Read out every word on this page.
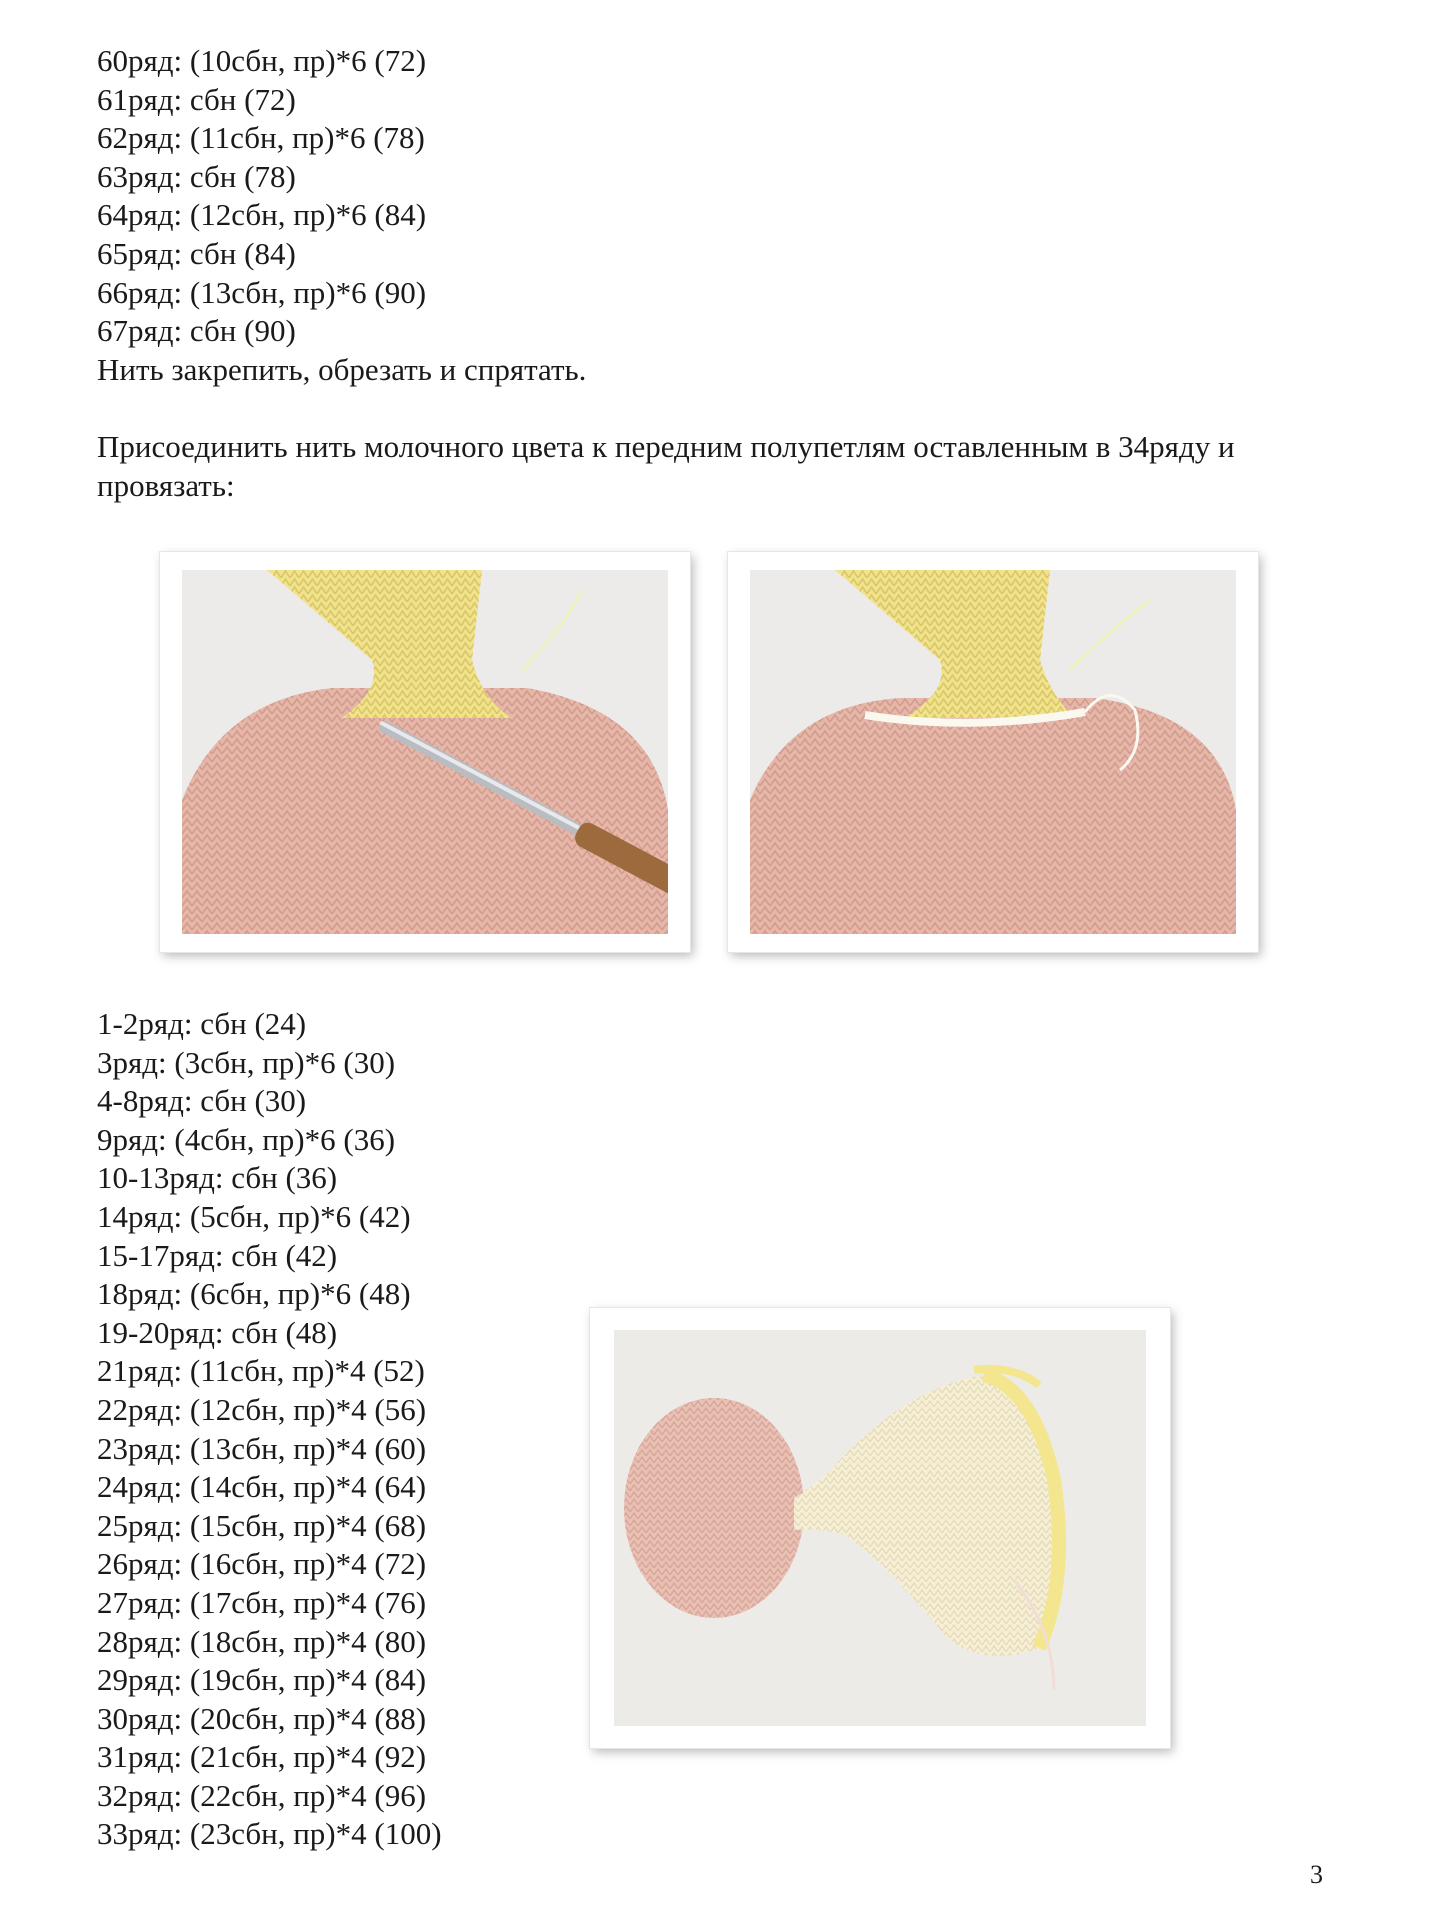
60ряд: (10сбн, пр)*6 (72)
61ряд: сбн (72)
62ряд: (11сбн, пр)*6 (78)
63ряд: сбн (78)
64ряд: (12сбн, пр)*6 (84)
65ряд: сбн (84)
66ряд: (13сбн, пр)*6 (90)
67ряд: сбн (90)
Нить закрепить, обрезать и спрятать.
Присоединить нить молочного цвета к передним полупетлям оставленным в 34ряду и провязать:
1-2ряд: сбн (24)
3ряд: (3сбн, пр)*6 (30)
4-8ряд: сбн (30)
9ряд: (4сбн, пр)*6 (36)
10-13ряд: сбн (36)
14ряд: (5сбн, пр)*6 (42)
15-17ряд: сбн (42)
18ряд: (6сбн, пр)*6 (48)
19-20ряд: сбн (48)
21ряд: (11сбн, пр)*4 (52)
22ряд: (12сбн, пр)*4 (56)
23ряд: (13сбн, пр)*4 (60)
24ряд: (14сбн, пр)*4 (64)
25ряд: (15сбн, пр)*4 (68)
26ряд: (16сбн, пр)*4 (72)
27ряд: (17сбн, пр)*4 (76)
28ряд: (18сбн, пр)*4 (80)
29ряд: (19сбн, пр)*4 (84)
30ряд: (20сбн, пр)*4 (88)
31ряд: (21сбн, пр)*4 (92)
32ряд: (22сбн, пр)*4 (96)
33ряд: (23сбн, пр)*4 (100)
3
